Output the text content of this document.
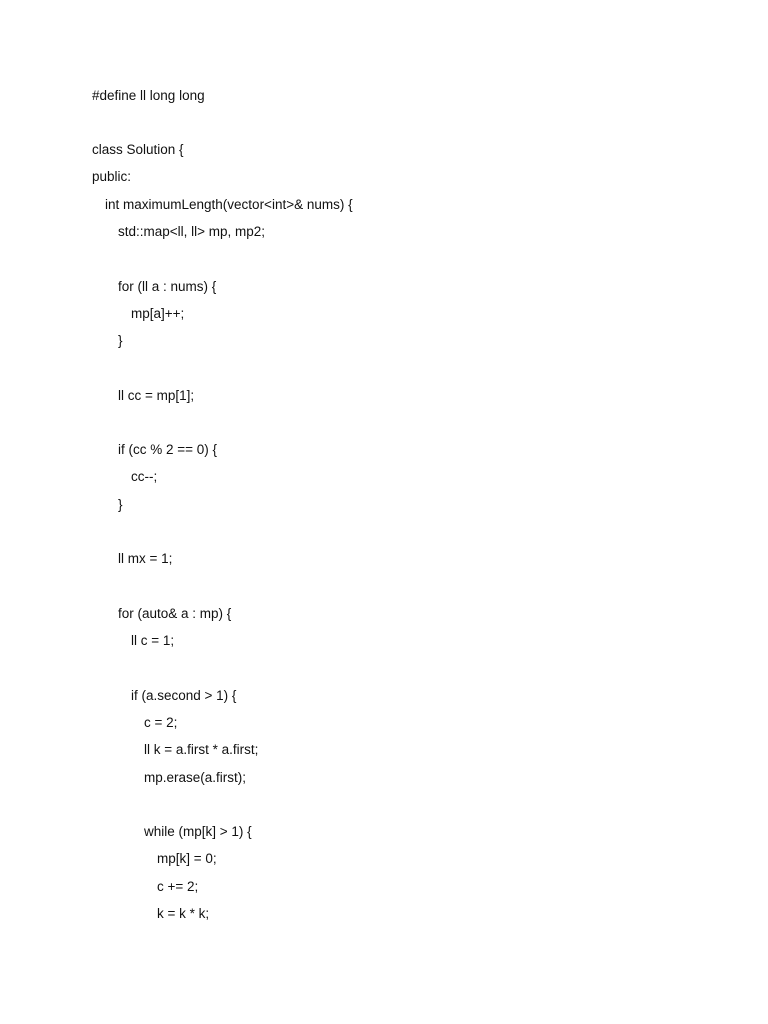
#define ll long long
class Solution {
public:
int maximumLength(vector<int>& nums) {
std::map<ll, ll> mp, mp2;
for (ll a : nums) {
mp[a]++;
}
ll cc = mp[1];
if (cc % 2 == 0) {
cc--;
}
ll mx = 1;
for (auto& a : mp) {
ll c = 1;
if (a.second > 1) {
c = 2;
ll k = a.first * a.first;
mp.erase(a.first);
while (mp[k] > 1) {
mp[k] = 0;
c += 2;
k = k * k;
